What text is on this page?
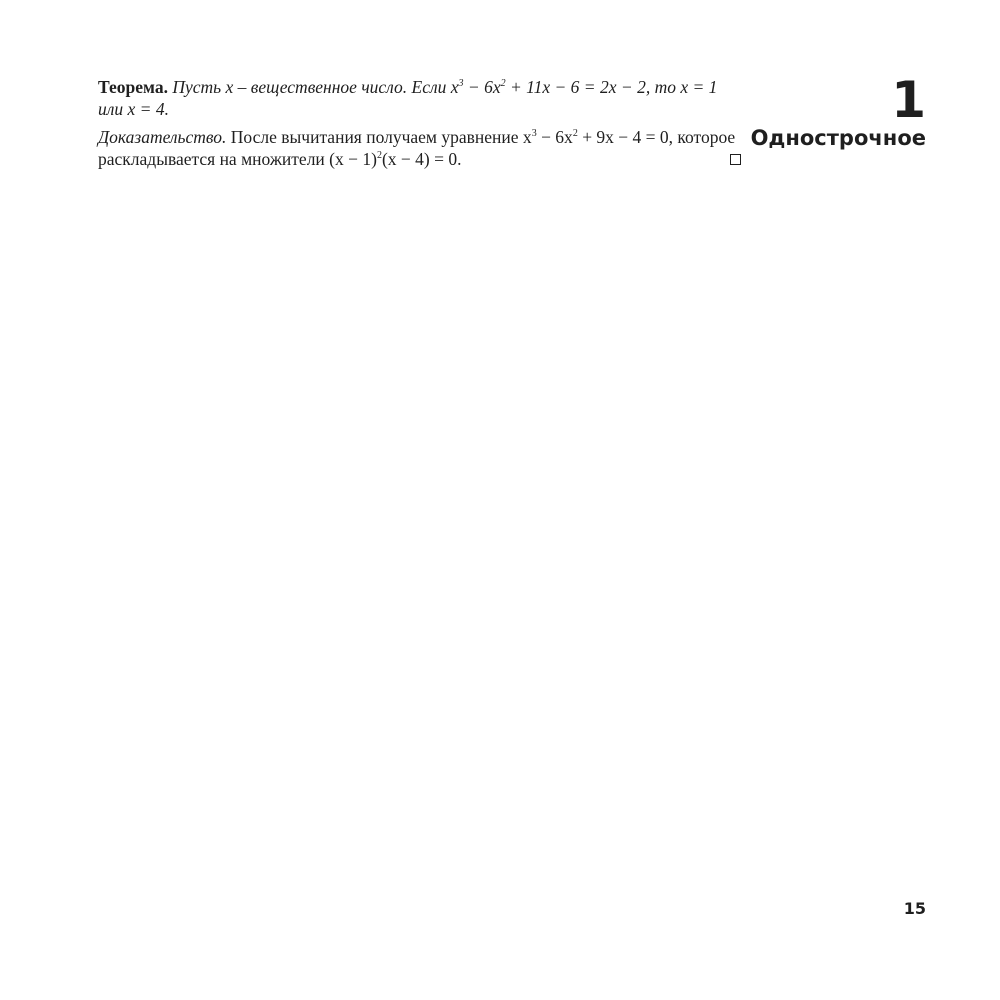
Теорема. Пусть x – вещественное число. Если $x^3 - 6x^2 + 11x - 6 = 2x - 2$, то x = 1 или x = 4.

Доказательство. После вычитания получаем уравнение $x^3 - 6x^2 + 9x - 4 = 0$, которое раскладывается на множители $(x - 1)^2(x - 4) = 0$.

1
Однострочное
15
